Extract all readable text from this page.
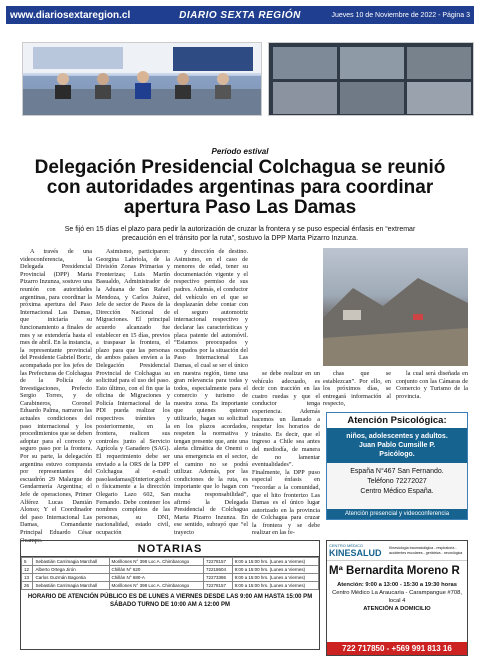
www.diariosextaregion.cl	DIARIO SEXTA REGIÓN	Jueves 10 de Noviembre de 2022 - Página 3
Período estival
Delegación Presidencial Colchagua se reunió con autoridades argentinas para coordinar apertura Paso Las Damas
Se fijó en 15 días el plazo para pedir la autorización de cruzar la frontera y se puso especial énfasis en “extremar precaución en el tránsito por la ruta”, sostuvo la DPP Marta Pizarro Inzunza.

A través de una videoconferencia, la Delegada Presidencial Provincial (DPP) Marta Pizarro Inzunza, sostuvo una reunión con autoridades argentinas, para coordinar la próxima apertura del Paso Internacional Las Damas, que iniciaría su funcionamiento a finales de mes y se extendería hasta el mes de abril. En la instancia, la representante provincial del Presidente Gabriel Boric, acompañada por los jefes de las Prefecturas de Colchagua de la Policía de Investigaciones, Prefecto Sergio Torres, y de Carabineros, Coronel Eduardo Palma, narraron las actuales condiciones del paso internacional y los procedimientos que se deben adoptar para el correcto y seguro paso por la frontera. Por su parte, la delegación argentina estuvo compuesta por representantes del escuadrón 29 Malargue de Gendarmería Argentina; el Jefe de operaciones, Primer Alférez Lucas Damián Alonso; Y el Coordinador del paso Internacional Las Damas, Comandante Principal Eduardo César Ocampo.

Asimismo, participaron: Georgina Labriola, de la División Zonas Primarias y Fronterizas; Luis Martín Basualdo, Administrador de la Aduana de San Rafael Mendoza, y Carlos Juárez, Jefe de sector de Pasos de la Dirección Nacional de Migraciones. El principal acuerdo alcanzado fue establecer en 15 días, previos a traspasar la frontera, el plazo para que las personas de ambos países envíen a la Delegación Presidencial Provincial de Colchagua su solicitud para el uso del paso. Esto último, con el fin que la oficina de Migraciones y Policía Internacional de la PDI pueda realizar los respectivos trámites y posteriormente, en la frontera, realicen sus controles junto al Servicio Agrícola y Ganadero (SAG). El requerimiento debe ser enviado a la ORS de la DPP Colchagua al e-mail: pasolasdamas@interior.gob.cl o físicamente a la dirección Olegario Lazo 602, San Fernando. Debe contener los nombres completos de las personas, su DNI, nacionalidad, estado civil, ocupación

y dirección de destino. Asimismo, en el caso de menores de edad, tener su documentación vigente y el respectivo permiso de sus padres. Además, el conductor del vehículo en el que se desplazarán debe contar con el seguro automotriz internacional respectivo y declarar las características y placa patente del automóvil. “Estamos preocupados y ocupados por la situación del Paso Internacional Las Damas, el cual se ser el único en nuestra región, tiene una gran relevancia para todas y todos, especialmente para el comercio y turismo de nuestra zona. Es importante que quienes quieran utilizarlo, hagan su solicitud en los plazos acordados, respeten la normativa y tengan presente que, ante una alerta climática de Onemi o una emergencia en el sector, el camino no se podrá utilizar. Además, por las condiciones de la ruta, es importante que lo hagan con mucha responsabilidad”, afirmó la Delegada Presidencial de Colchagua Marta Pizarro Inzunza. En ese sentido, subrayó que “el trayecto

se debe realizar en un vehículo adecuado, es decir con tracción en las cuatro ruedas y que el conductor tenga experiencia. Además hacemos un llamado a respetar los horarios de tránsito. Es decir, que el ingreso a Chile sea antes del mediodía, de manera de no lamentar eventualidades”. Finalmente, la DPP puso especial énfasis en “recordar a la comunidad, que el hito fronterizo Las Damas es el único lugar autorizado en la provincia de Colchagua para cruzar la frontera y se debe realizar en las fe-

chas que se establezcan”. Por ello, en los próximos días, se entregará información al respecto,

la cual será diseñada en conjunto con las Cámaras de Comercio y Turismo de la provincia.

Atención Psicológica:
niños, adolescentes y adultos.
Juan Pablo Cumsille P.
Psicólogo.
España N°467 San Fernando.
Teléfono 72272027
Centro Médico España.
Atención presencial y videoconferencia
NOTARIAS
5	Sebastián Carrimagia Marchall	Morillones N° 398 Loc A. Chimbarongo	72278157	9:00 a 15:00 hrs. (Lunes a Viernes)
12	Alberto Ortega Jirón	Chillán N° 620	72218604	9:00 a 15:00 hrs. (Lunes a Viernes)
13	Carlos Guzmán Bagontia	Chillán N° 680-A	72273386	9:00 a 15:00 hrs. (Lunes a Viernes)
26	Sebastián Carrimagia Marchall	Morillones N° 398 Loc A. Chimbarongo	72278157	9:00 a 15:00 hrs. (Lunes a Viernes)
HORARIO DE ATENCIÓN PÚBLICO ES DE LUNES A VIERNES DESDE LAS 9:00 AM HASTA 15:00 PM
SÁBADO TURNO DE 10:00 AM A 12:00 PM
CENTRO MÉDICO
KINESALUD	Kinesiología traumatológica - respiratoria - accidentes escolares - geriátrica - neurológica
Mª Bernardita Moreno R
Atención: 9:00 a 13:00 - 15:30 a 19:30 horas
Centro Médico La Araucaria - Carampangue #708, local 4
ATENCIÓN A DOMICILIO
722 717850 - +569 991 813 16
